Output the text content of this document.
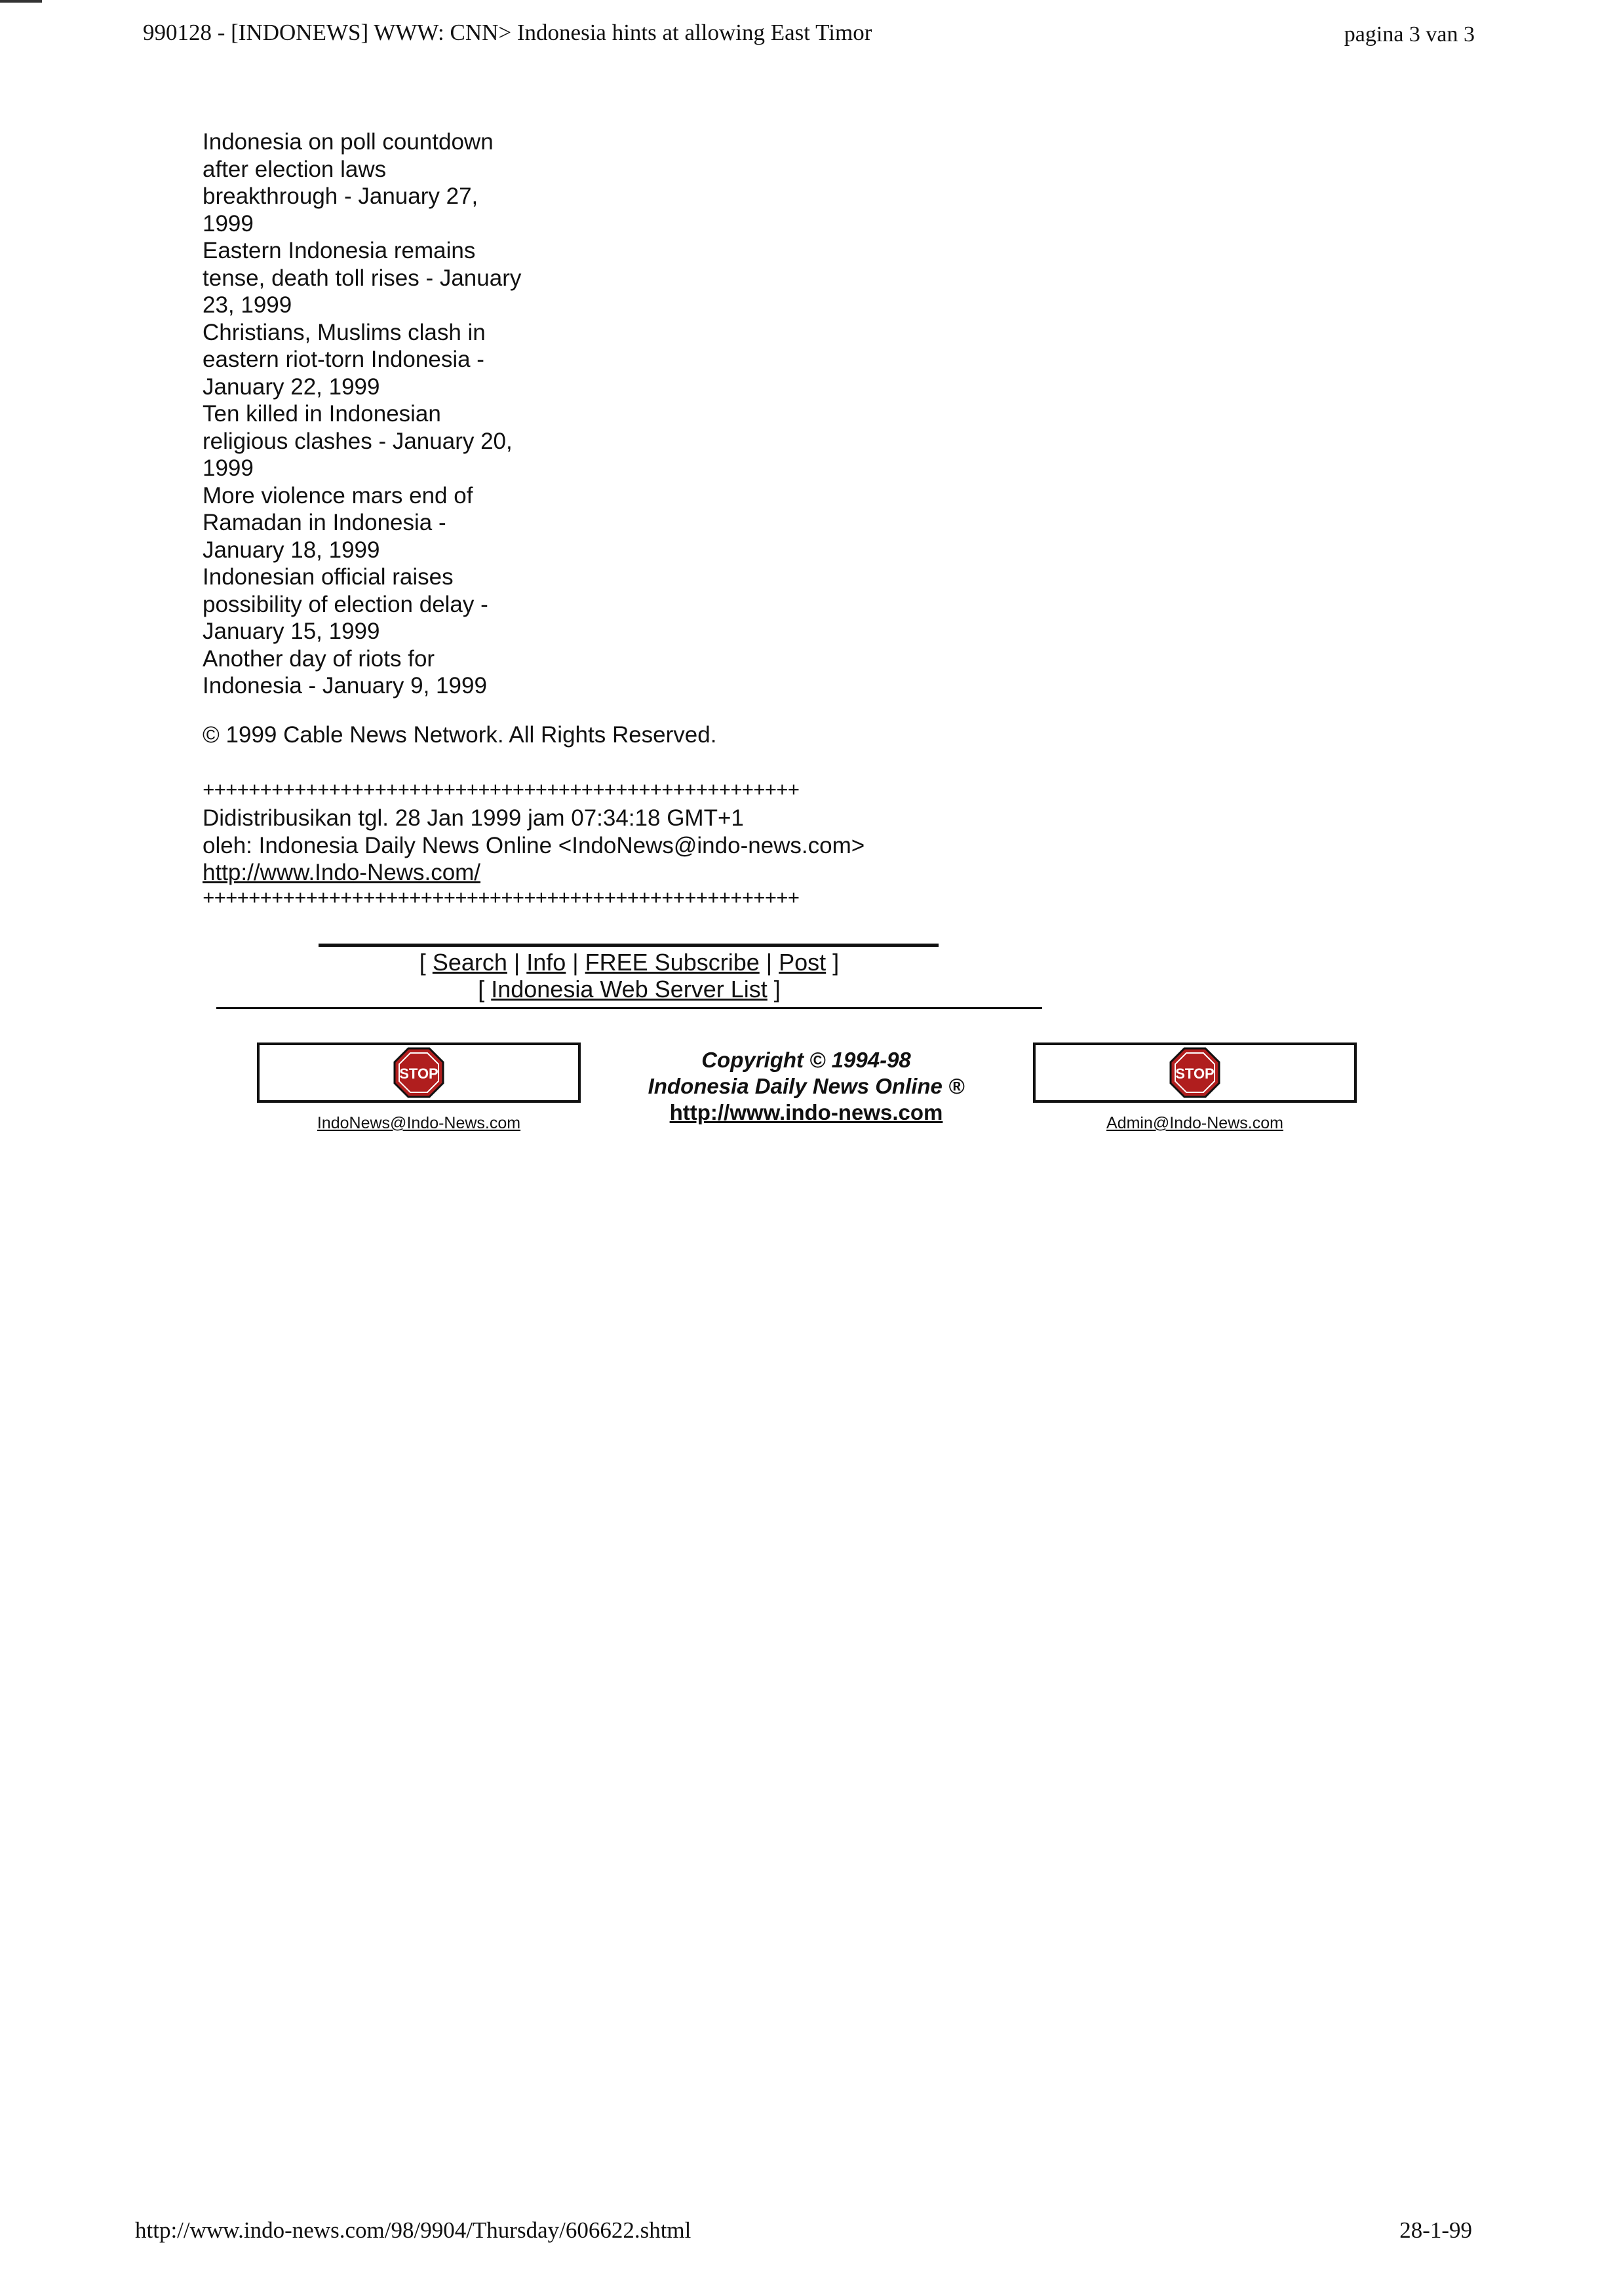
990128 - [INDONEWS] WWW: CNN> Indonesia hints at allowing East Timor	pagina 3 van 3
Indonesia on poll countdown
after election laws
breakthrough - January 27,
1999
Eastern Indonesia remains
tense, death toll rises - January
23, 1999
Christians, Muslims clash in
eastern riot-torn Indonesia -
January 22, 1999
Ten killed in Indonesian
religious clashes - January 20,
1999
More violence mars end of
Ramadan in Indonesia -
January 18, 1999
Indonesian official raises
possibility of election delay -
January 15, 1999
Another day of riots for
Indonesia - January 9, 1999
© 1999 Cable News Network. All Rights Reserved.
++++++++++++++++++++++++++++++++++++++++++++++++++++
Didistribusikan tgl. 28 Jan 1999 jam 07:34:18 GMT+1
oleh: Indonesia Daily News Online <IndoNews@indo-news.com>
http://www.Indo-News.com/
++++++++++++++++++++++++++++++++++++++++++++++++++++
[ Search | Info | FREE Subscribe | Post ]
[ Indonesia Web Server List ]
STOP
IndoNews@Indo-News.com
Copyright © 1994-98
Indonesia Daily News Online ®
http://www.indo-news.com
STOP
Admin@Indo-News.com
http://www.indo-news.com/98/9904/Thursday/606622.shtml	28-1-99
